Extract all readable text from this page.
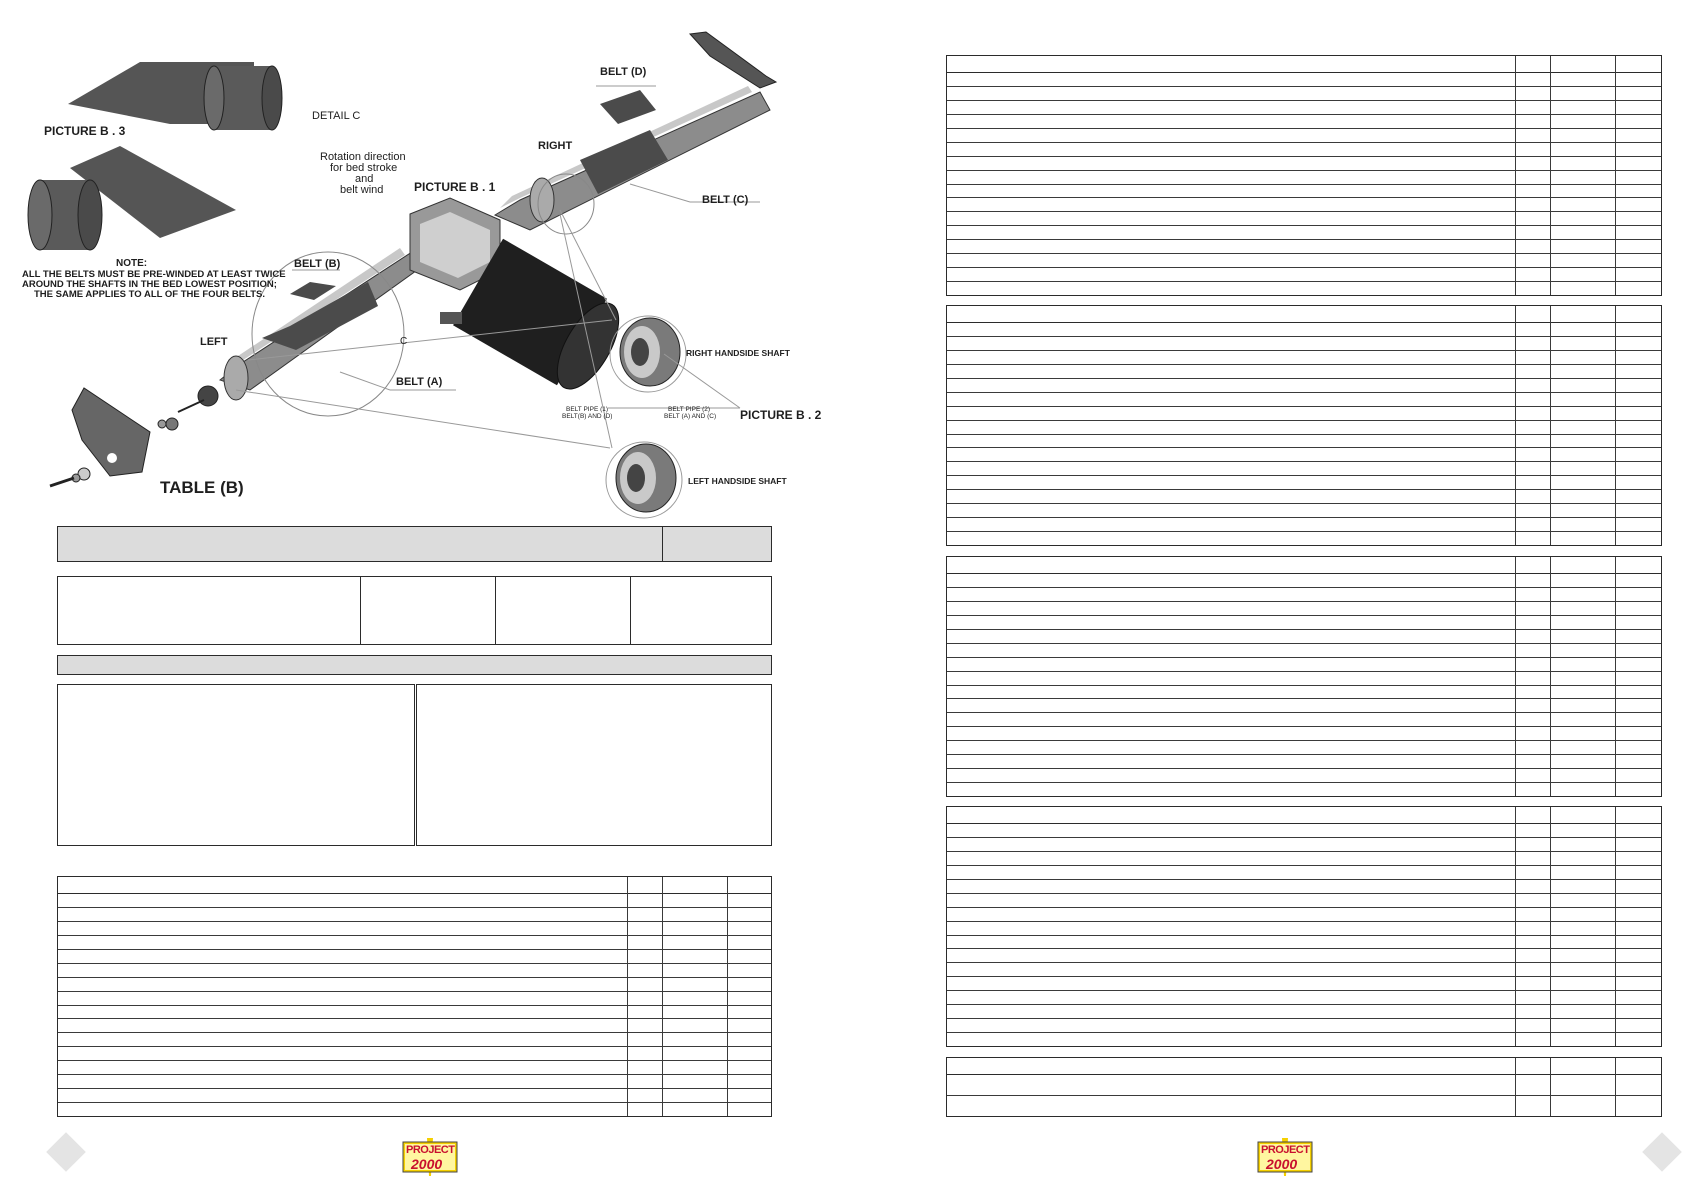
PICTURE B . 3
DETAIL C
Rotation direction
for bed stroke
and
belt wind	PICTURE B . 1
BELT (D)
RIGHT
BELT (C)
NOTE:
ALL THE BELTS MUST BE PRE-WINDED AT LEAST TWICE
AROUND THE SHAFTS IN THE BED LOWEST POSITION;
THE SAME APPLIES TO ALL OF THE FOUR BELTS.
BELT (B)
LEFT	C
BELT (A)
RIGHT HANDSIDE SHAFT
LEFT HANDSIDE SHAFT
BELT PIPE (1)
BELT(B) AND (D)
BELT PIPE (2)
BELT (A) AND (C) PICTURE B . 2
TABLE (B)
PROJECT
2000
PROJECT
2000
